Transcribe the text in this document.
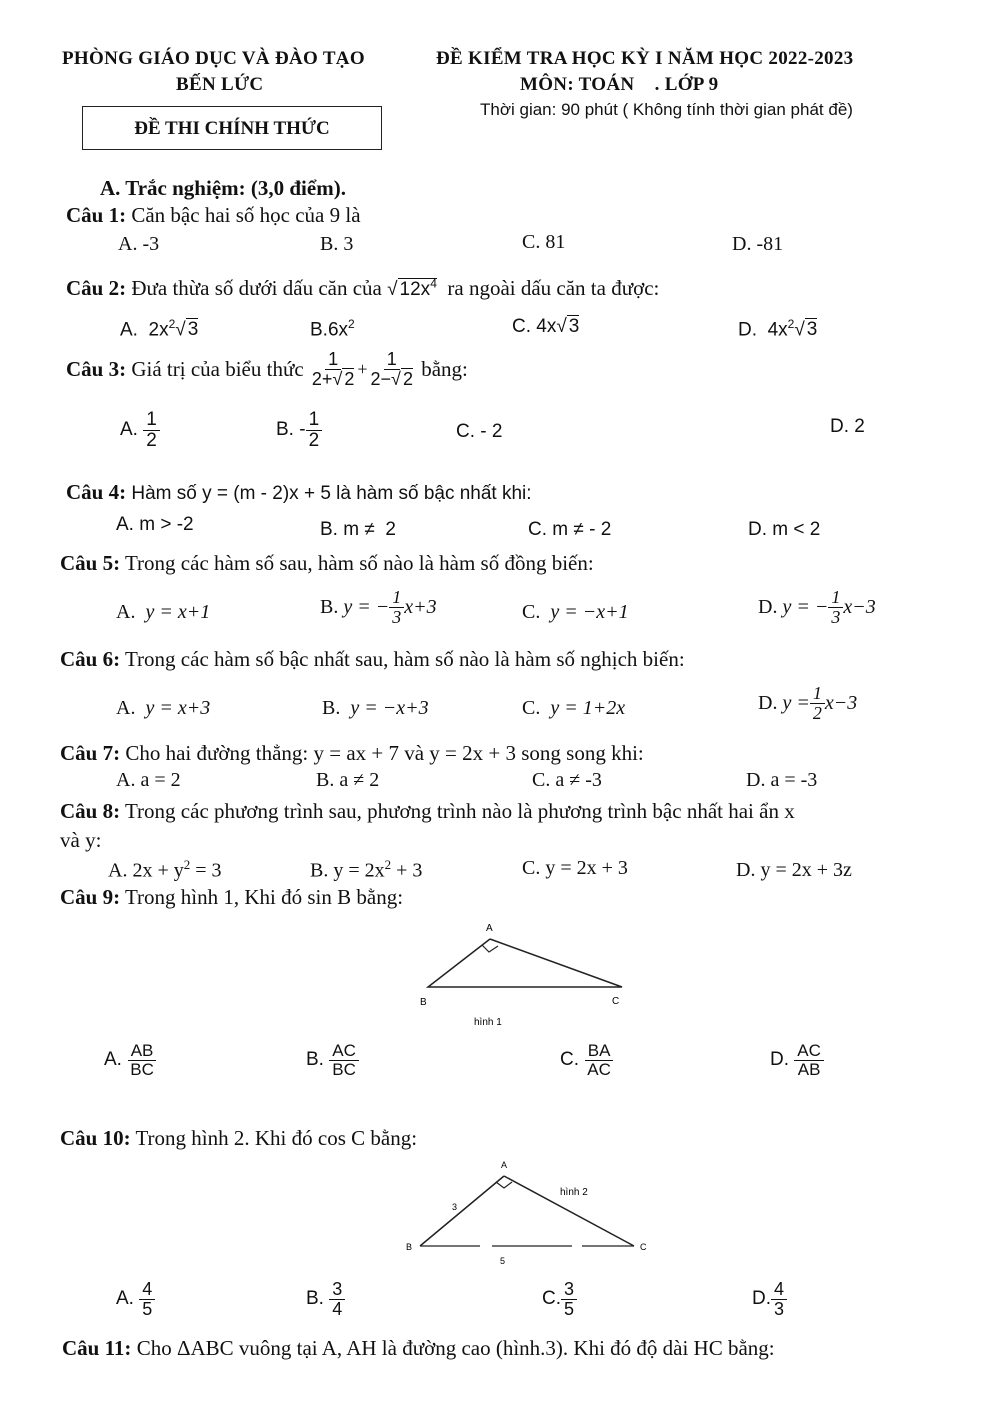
PHÒNG GIÁO DỤC VÀ ĐÀO TẠO
BẾN LỨC
ĐỀ KIỂM TRA HỌC KỲ I NĂM HỌC 2022-2023
MÔN: TOÁN    . LỚP 9
Thời gian: 90 phút ( Không tính thời gian phát đề)
ĐỀ THI CHÍNH THỨC
A. Trắc nghiệm: (3,0 điểm).
Câu 1: Căn bậc hai số học của 9 là
A. -3	B. 3	C. 81	D. -81
Câu 2: Đưa thừa số dưới dấu căn của √ $12x^4$ ra ngoài dấu căn ta được:
A. $2x^2√$ 3	$B.6x^2$	C. 4x√ 3	D. $4x^2√$ 3
Câu 3:
Giá trị của biểu thức
$\frac{1}{2+√ 2} + \frac{1}{2-√ 2}$
bằng:
A.
$\frac{1}{2}$	B. - $\frac{1}{2}$	C. - 2	D. 2
Câu 4: Hàm số y = (m - 2)x + 5 là hàm số bậc nhất khi:
A. m > -2	B. m ≠  2	C. m ≠ - 2	D. m < 2
Câu 5: Trong các hàm số sau, hàm số nào là hàm số đồng biến:
A. y = x+1	B.
y = − $\frac{1}{3} x+3$	C. y = −x+1	D.
y = − $\frac{1}{3} x-3$
Câu 6: Trong các hàm số bậc nhất sau, hàm số nào là hàm số nghịch biến:
A. y = x+3	B. y = −x+3	C. y = 1+2x	D.
$y = \frac{1}{2} x-3$
Câu 7: Cho hai đường thẳng: y = ax + 7 và y = 2x + 3 song song khi:
A. a = 2	B. a ≠ 2	C. a ≠ -3	D. a = -3
Câu 8: Trong các phương trình sau, phương trình nào là phương trình bậc nhất hai ẩn x
và y:
A. $2x + y^2 = 3$	B. $y = 2x^2 + 3$	C. y = 2x + 3	D. y = 2x + 3z
Câu 9: Trong hình 1, Khi đó sin B bằng:
A
B	C
hình 1
A.
$\frac{AB}{BC}$	B.
$\frac{AC}{BC}$	C.
$\frac{BA}{AC}$	D.
$\frac{AC}{AB}$
Câu 10: Trong hình 2. Khi đó cos C bằng:
A
B	C
3
5
hình 2
A.
$\frac{4}{5}$	B.
$\frac{3}{4}$	C. $\frac{3}{5}$	D. $\frac{4}{3}$
Câu 11: Cho ΔABC vuông tại A, AH là đường cao (hình.3). Khi đó độ dài HC bằng:
